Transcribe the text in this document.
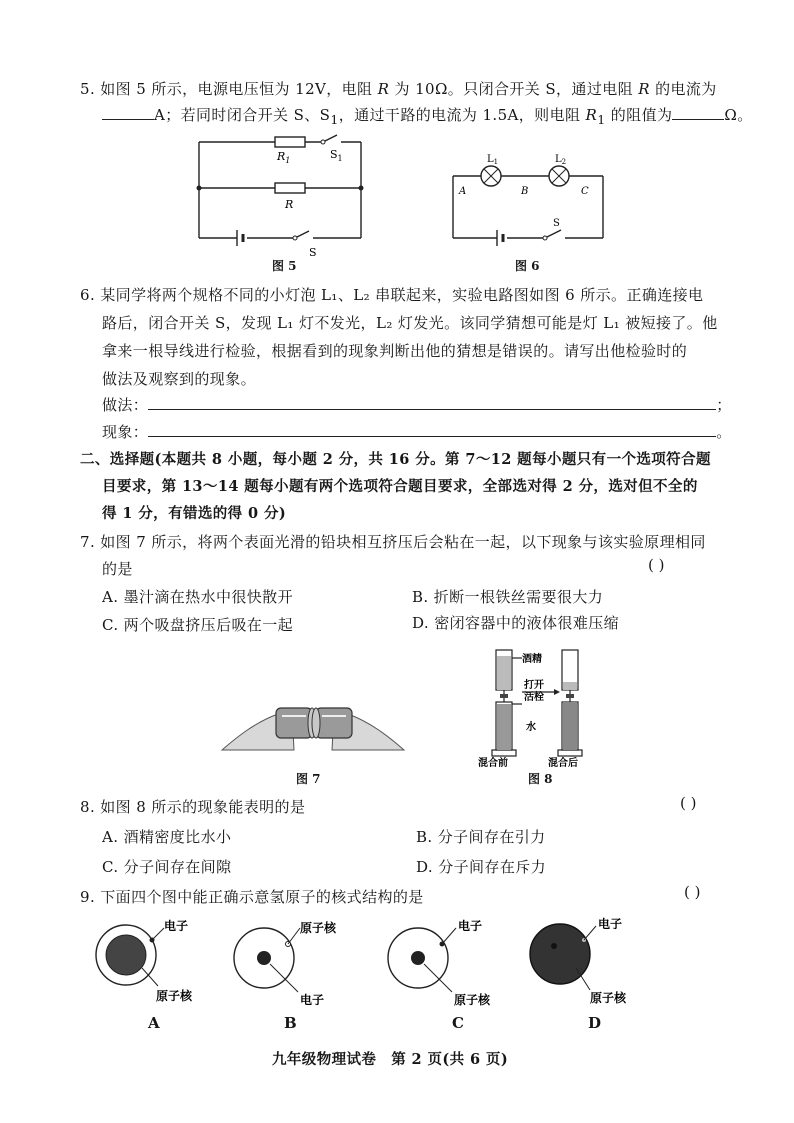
5. 如图 5 所示，电源电压恒为 12V，电阻 R 为 10Ω。只闭合开关 S，通过电阻 R 的电流为
A；若同时闭合开关 S、$S_1$，通过干路的电流为 1.5A，则电阻 $R_1$ 的阻值为	Ω。
$R_1$	$S_1$
R
S
图 5
$L_1$	$L_2$
A	B	C
S
图 6
6. 某同学将两个规格不同的小灯泡 L₁、L₂ 串联起来，实验电路图如图 6 所示。正确连接电
路后，闭合开关 S，发现 L₁ 灯不发光，L₂ 灯发光。该同学猜想可能是灯 L₁ 被短接了。他
拿来一根导线进行检验，根据看到的现象判断出他的猜想是错误的。请写出他检验时的
做法及观察到的现象。
做法：	；
现象：	。
二、选择题(本题共 8 小题，每小题 2 分，共 16 分。第 7～12 题每小题只有一个选项符合题
目要求，第 13～14 题每小题有两个选项符合题目要求，全部选对得 2 分，选对但不全的
得 1 分，有错选的得 0 分)
7. 如图 7 所示，将两个表面光滑的铅块相互挤压后会粘在一起，以下现象与该实验原理相同
的是	( )
A. 墨汁滴在热水中很快散开	B. 折断一根铁丝需要很大力
C. 两个吸盘挤压后吸在一起	D. 密闭容器中的液体很难压缩
图 7
酒精
打开
活栓
水
混合前	混合后
图 8
8. 如图 8 所示的现象能表明的是	( )
A. 酒精密度比水小	B. 分子间存在引力
C. 分子间存在间隙	D. 分子间存在斥力
9. 下面四个图中能正确示意氢原子的核式结构的是	( )
电子
原子核
A
原子核
电子
B
电子
原子核
C
电子
原子核
D
九年级物理试卷　第 2 页(共 6 页)
